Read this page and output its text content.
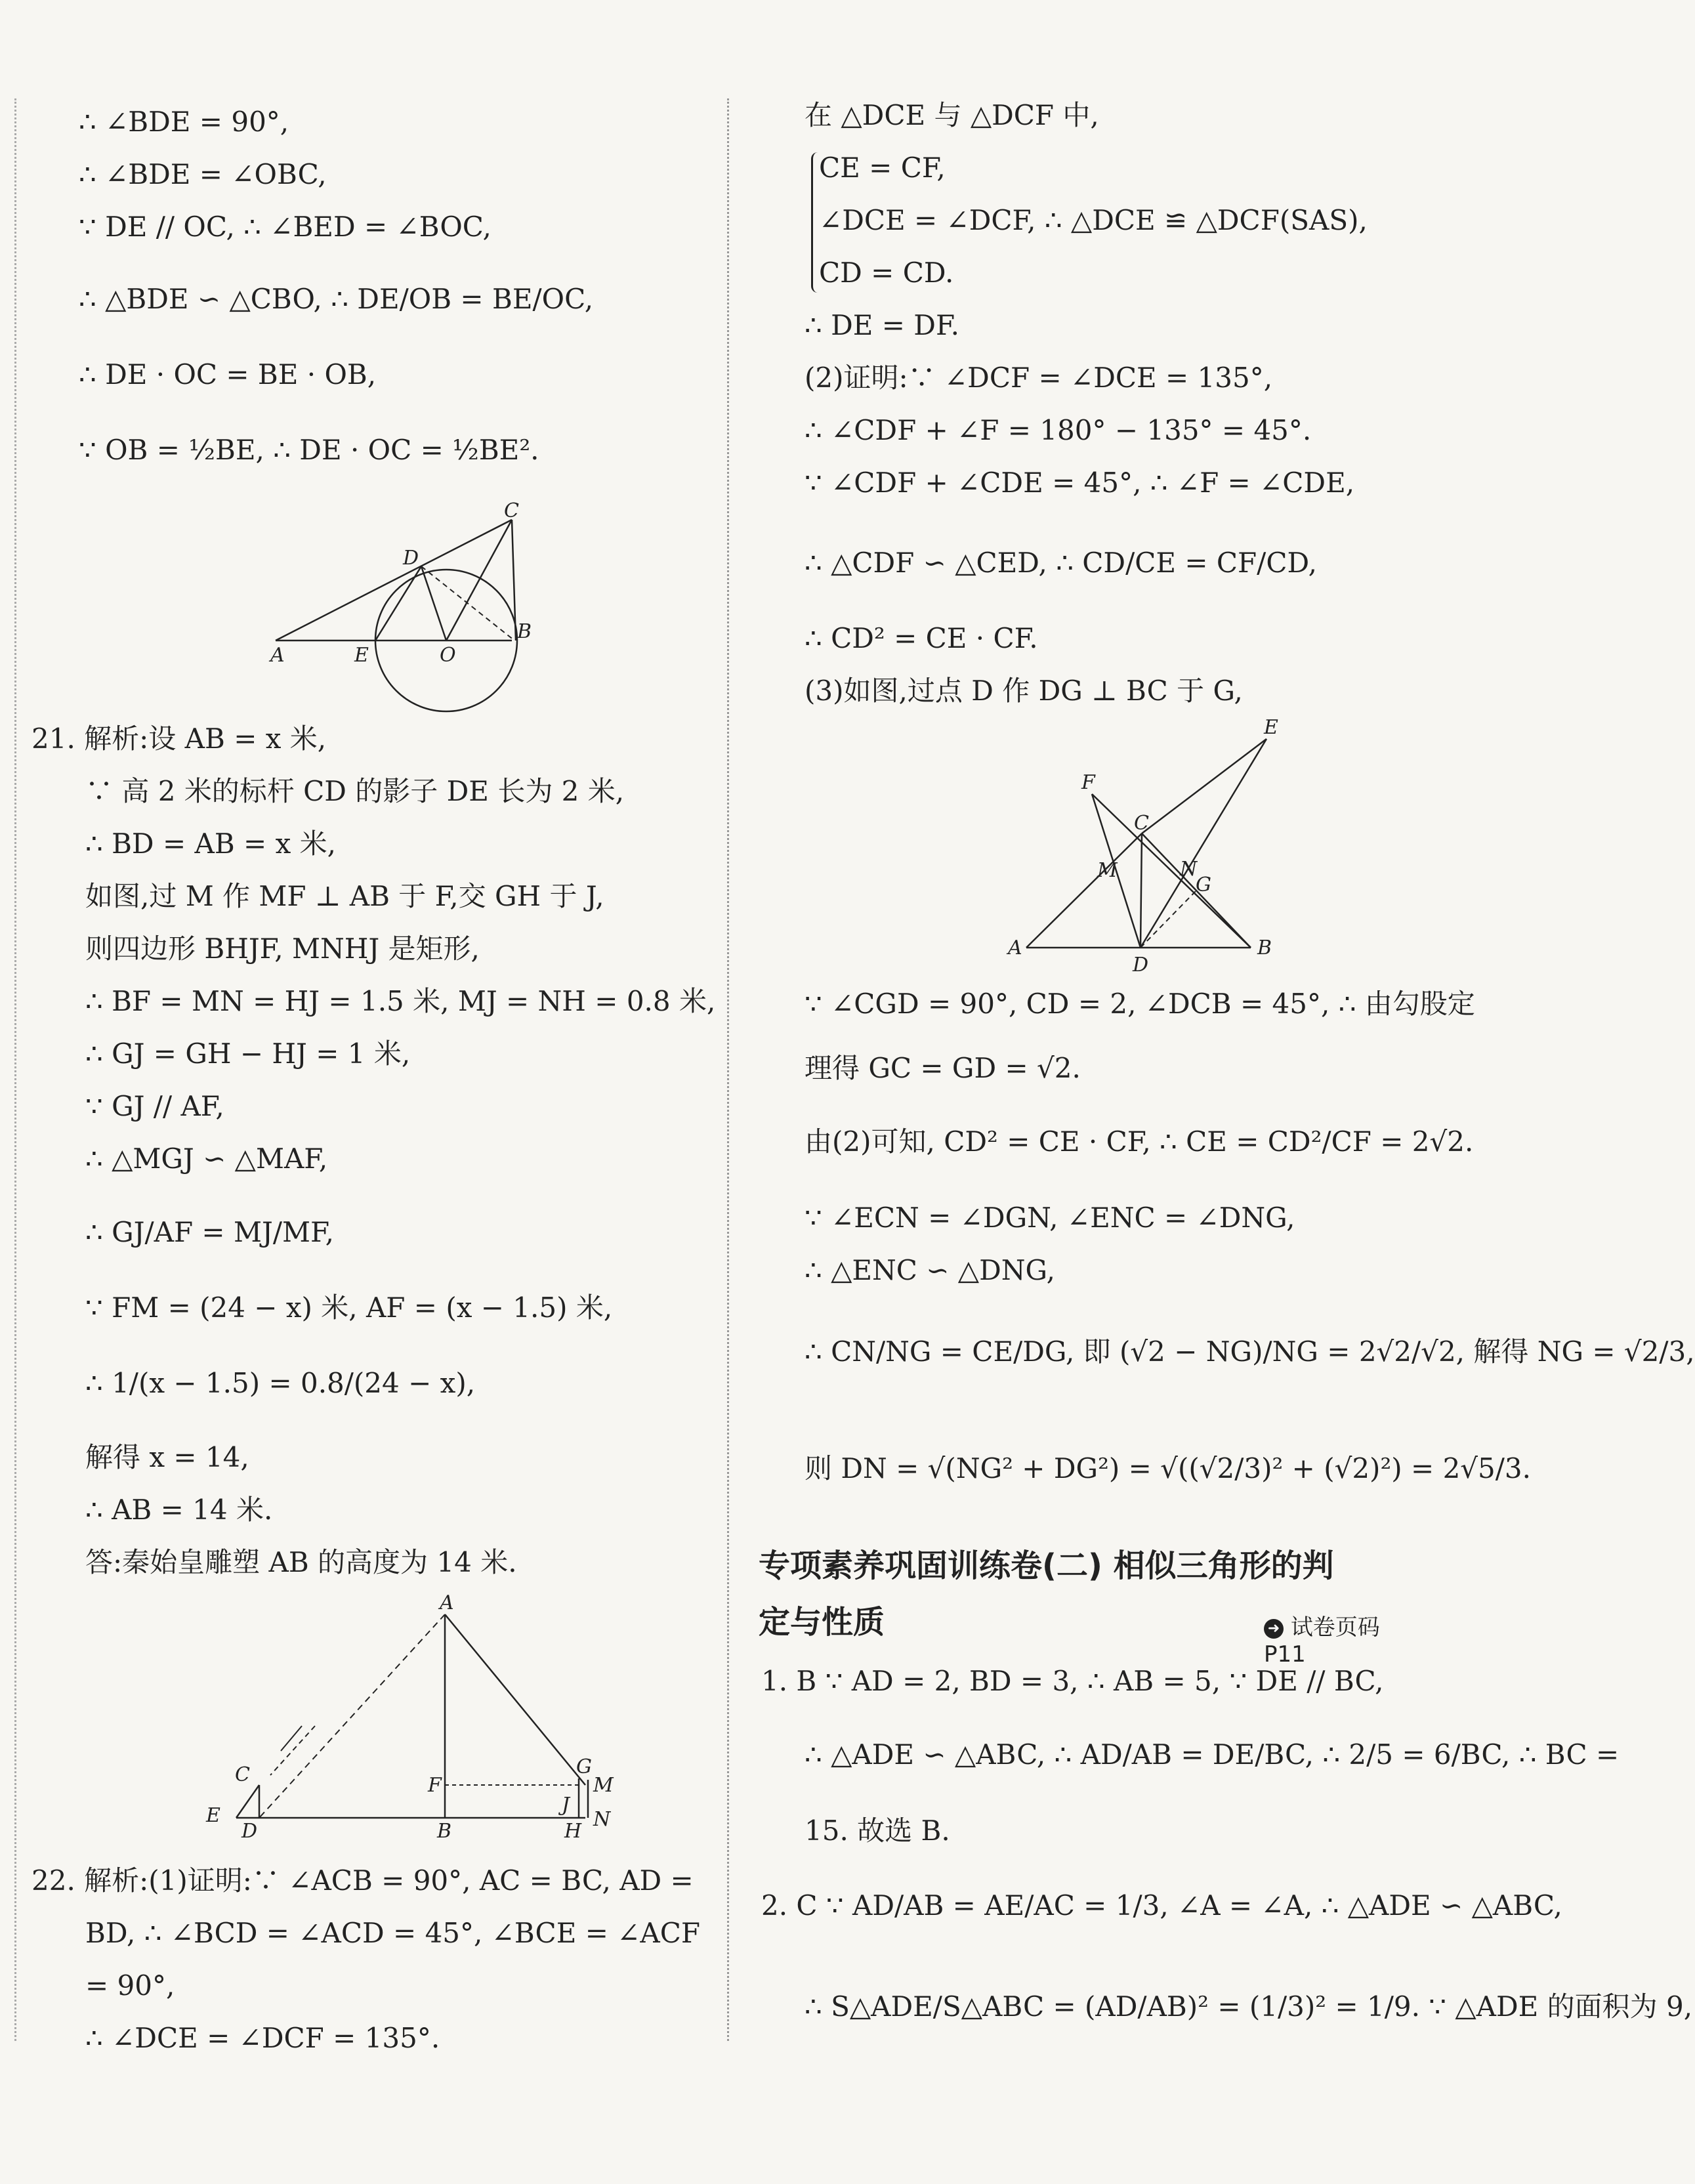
∴ ∠BDE = 90°,
∴ ∠BDE = ∠OBC,
∵ DE // OC, ∴ ∠BED = ∠BOC,
∴ △BDE ∽ △CBO, ∴ DE/OB = BE/OC,
∴ DE · OC = BE · OB,
∵ OB = ½BE, ∴ DE · OC = ½BE².
C
D
A	E	O
B
21. 解析:设 AB = x 米,
∵ 高 2 米的标杆 CD 的影子 DE 长为 2 米,
∴ BD = AB = x 米,
如图,过 M 作 MF ⊥ AB 于 F,交 GH 于 J,
则四边形 BHJF, MNHJ 是矩形,
∴ BF = MN = HJ = 1.5 米, MJ = NH = 0.8 米,
∴ GJ = GH − HJ = 1 米,
∵ GJ // AF,
∴ △MGJ ∽ △MAF,
∴ GJ/AF = MJ/MF,
∵ FM = (24 − x) 米, AF = (x − 1.5) 米,
∴ 1/(x − 1.5) = 0.8/(24 − x),
解得 x = 14,
∴ AB = 14 米.
答:秦始皇雕塑 AB 的高度为 14 米.
A
C
E
D
F
B
G
M
J
H
N
22. 解析:(1)证明:∵ ∠ACB = 90°, AC = BC, AD =
BD, ∴ ∠BCD = ∠ACD = 45°, ∠BCE = ∠ACF
= 90°,
∴ ∠DCE = ∠DCF = 135°.
在 △DCE 与 △DCF 中,
CE = CF,
∠DCE = ∠DCF, ∴ △DCE ≌ △DCF(SAS),
CD = CD.
∴ DE = DF.
(2)证明:∵ ∠DCF = ∠DCE = 135°,
∴ ∠CDF + ∠F = 180° − 135° = 45°.
∵ ∠CDF + ∠CDE = 45°, ∴ ∠F = ∠CDE,
∴ △CDF ∽ △CED, ∴ CD/CE = CF/CD,
∴ CD² = CE · CF.
(3)如图,过点 D 作 DG ⊥ BC 于 G,
E
F
C
M	N
G
A
D
B
∵ ∠CGD = 90°, CD = 2, ∠DCB = 45°, ∴ 由勾股定
理得 GC = GD = √2.
由(2)可知, CD² = CE · CF, ∴ CE = CD²/CF = 2√2.
∵ ∠ECN = ∠DGN, ∠ENC = ∠DNG,
∴ △ENC ∽ △DNG,
∴ CN/NG = CE/DG, 即 (√2 − NG)/NG = 2√2/√2, 解得 NG = √2/3,
则 DN = √(NG² + DG²) = √((√2/3)² + (√2)²) = 2√5/3.
专项素养巩固训练卷(二) 相似三角形的判
定与性质	➜ 试卷页码 P11
1. B ∵ AD = 2, BD = 3, ∴ AB = 5, ∵ DE // BC,
∴ △ADE ∽ △ABC, ∴ AD/AB = DE/BC, ∴ 2/5 = 6/BC, ∴ BC =
15. 故选 B.
2. C ∵ AD/AB = AE/AC = 1/3, ∠A = ∠A, ∴ △ADE ∽ △ABC,
∴ S△ADE/S△ABC = (AD/AB)² = (1/3)² = 1/9. ∵ △ADE 的面积为 9,
